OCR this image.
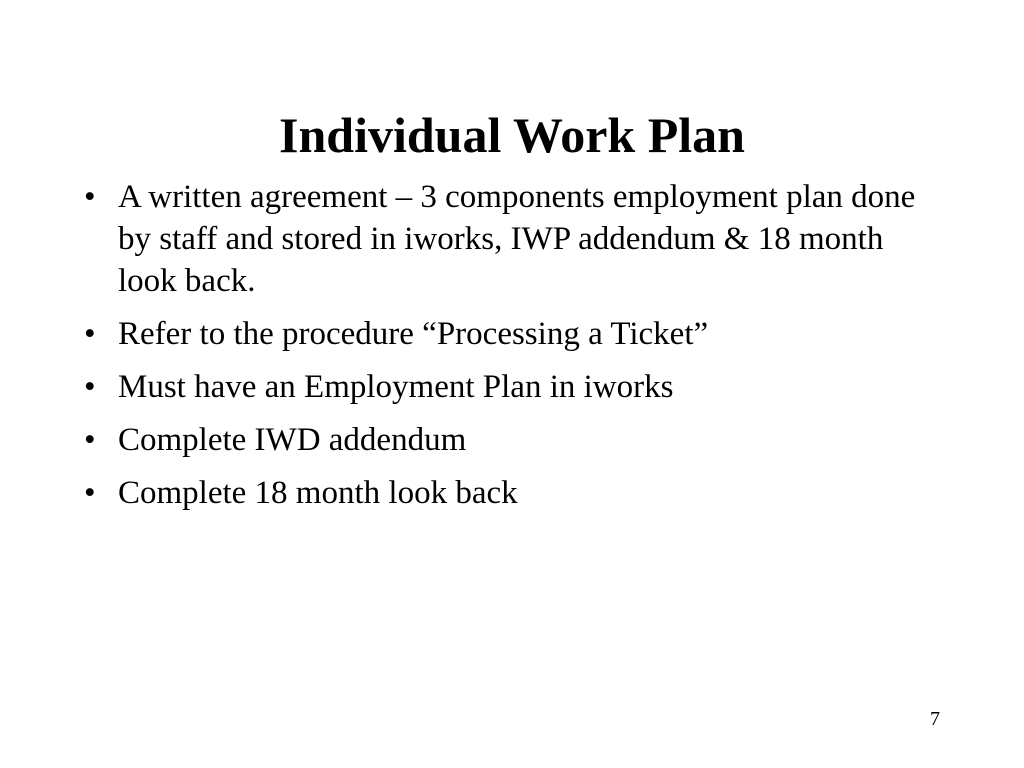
Individual Work Plan
• A written agreement – 3 components employment plan done by staff and stored in iworks, IWP addendum & 18 month look back.
• Refer to the procedure “Processing a Ticket”
• Must have an Employment Plan in iworks
• Complete IWD addendum
• Complete 18 month look back
7
